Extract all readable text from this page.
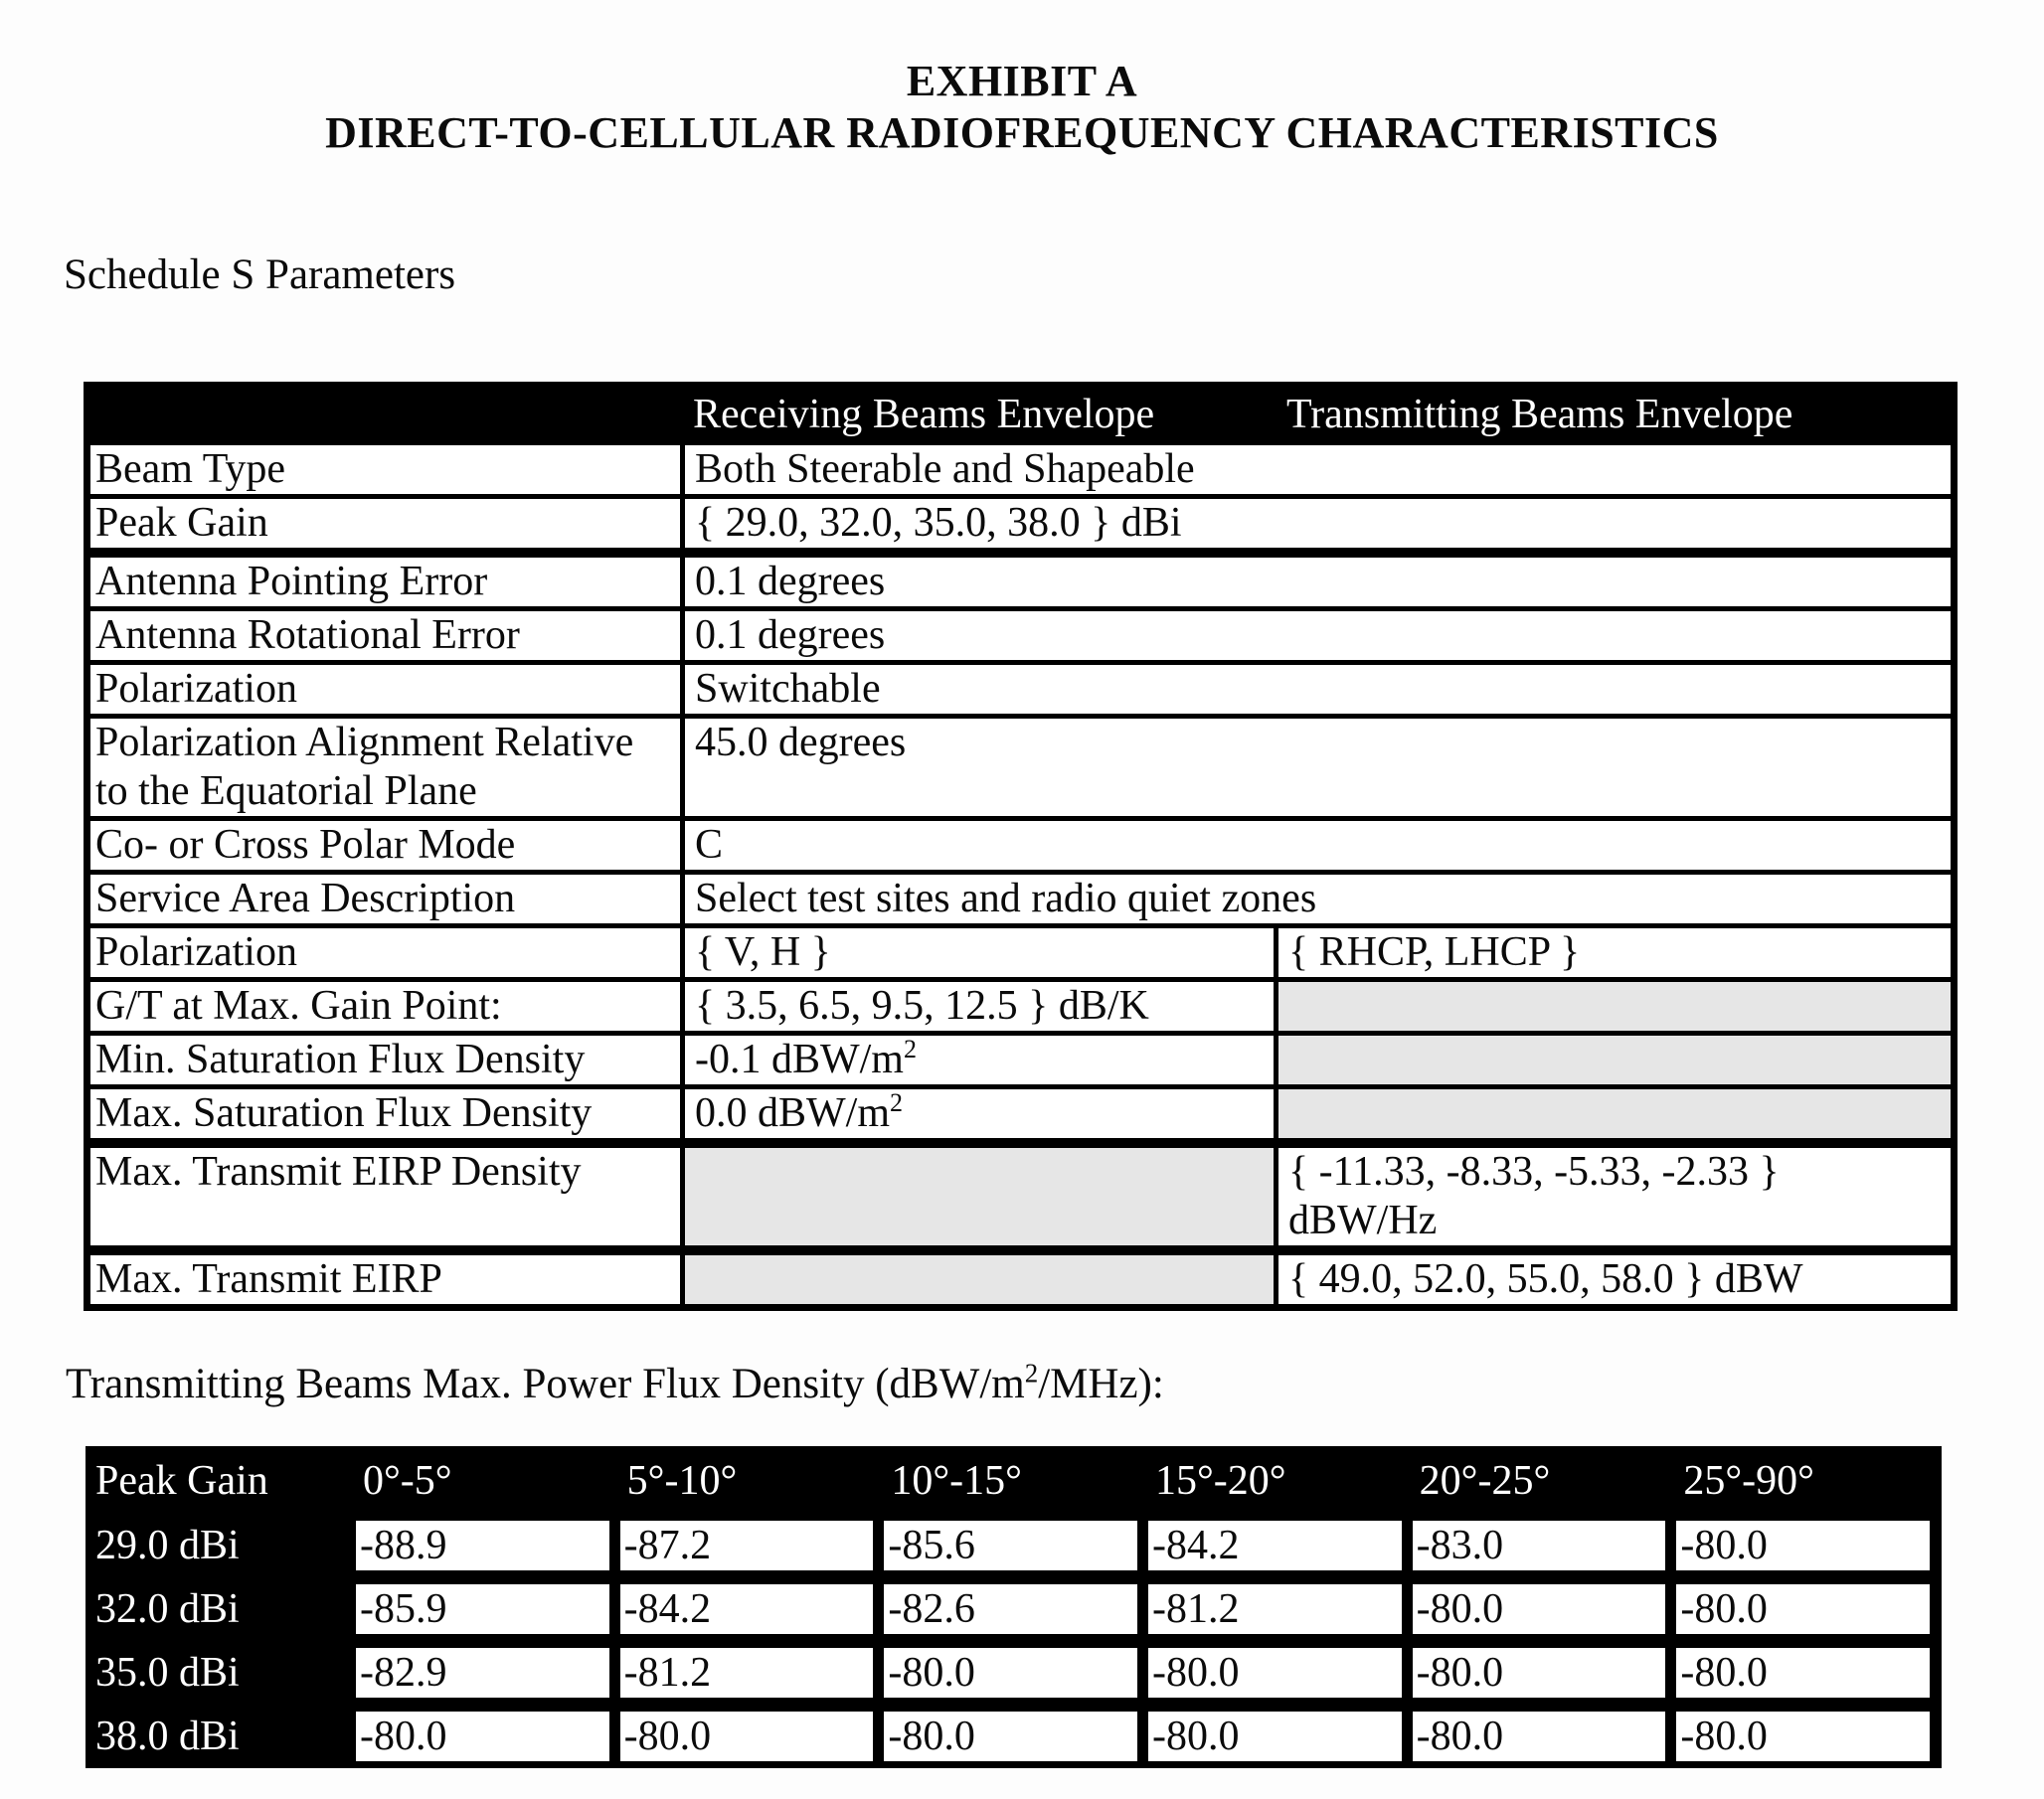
EXHIBIT A
DIRECT-TO-CELLULAR RADIOFREQUENCY CHARACTERISTICS
Schedule S Parameters
	Receiving Beams Envelope	Transmitting Beams Envelope
Beam Type	Both Steerable and Shapeable	
Peak Gain	{ 29.0, 32.0, 35.0, 38.0 } dBi	
Antenna Pointing Error	0.1 degrees	
Antenna Rotational Error	0.1 degrees	
Polarization	Switchable	

Polarization Alignment Relative
to the Equatorial Plane	45.0 degrees	
Co- or Cross Polar Mode	C	
Service Area Description	Select test sites and radio quiet zones	
Polarization	{ V, H }	{ RHCP, LHCP }
G/T at Max. Gain Point:	{ 3.5, 6.5, 9.5, 12.5 } dB/K	
Min. Saturation Flux Density	-0.1 dBW/$m^2$	
Max. Saturation Flux Density	0.0 dBW/$m^2$	
Max. Transmit EIRP Density		{ -11.33, -8.33, -5.33, -2.33 }
dBW/Hz

Max. Transmit EIRP		{ 49.0, 52.0, 55.0, 58.0 } dBW
Transmitting Beams Max. Power Flux Density $(dBW/m^2/MHz)$:
Peak Gain	0°-5°	5°-10°	10°-15°	15°-20°	20°-25°	25°-90°
29.0 dBi	-88.9	-87.2	-85.6	-84.2	-83.0	-80.0
32.0 dBi	-85.9	-84.2	-82.6	-81.2	-80.0	-80.0
35.0 dBi	-82.9	-81.2	-80.0	-80.0	-80.0	-80.0
38.0 dBi	-80.0	-80.0	-80.0	-80.0	-80.0	-80.0
